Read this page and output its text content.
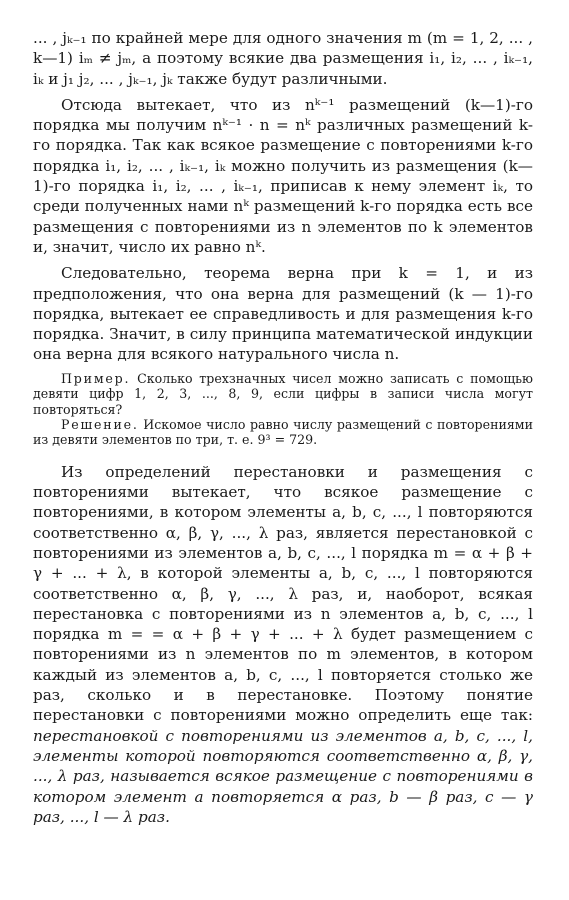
... , jₖ₋₁ по крайней мере для одного значения m (m = 1, 2, ... , k—1) iₘ ≠ jₘ, а поэтому всякие два размещения i₁, i₂, ... , iₖ₋₁, iₖ и j₁ j₂, ... , jₖ₋₁, jₖ также будут различными.

Отсюда вытекает, что из nᵏ⁻¹ размещений (k—1)-го порядка мы получим nᵏ⁻¹ · n = nᵏ различных размещений k-го порядка. Так как всякое размещение с повторениями k-го порядка i₁, i₂, ... , iₖ₋₁, iₖ можно получить из размещения (k—1)-го порядка i₁, i₂, ... , iₖ₋₁, приписав к нему элемент iₖ, то среди полученных нами nᵏ размещений k-го порядка есть все размещения с повторениями из n элементов по k элементов и, значит, число их равно nᵏ.

Следовательно, теорема верна при k = 1, и из предположения, что она верна для размещений (k — 1)-го порядка, вытекает ее справедливость и для размещения k-го порядка. Значит, в силу принципа математической индукции она верна для всякого натурального числа n.

Пример. Сколько трехзначных чисел можно записать с помощью девяти цифр 1, 2, 3, ..., 8, 9, если цифры в записи числа могут повторяться?

Решение. Искомое число равно числу размещений с повторениями из девяти элементов по три, т. е. 9³ = 729.

Из определений перестановки и размещения с повторениями вытекает, что всякое размещение с повторениями, в котором элементы a, b, c, ..., l повторяются соответственно α, β, γ, ..., λ раз, является перестановкой с повторениями из элементов a, b, c, ..., l порядка m = α + β + γ + ... + λ, в которой элементы a, b, c, ..., l повторяются соответственно α, β, γ, ..., λ раз, и, наоборот, всякая перестановка с повторениями из n элементов a, b, c, ..., l порядка m = = α + β + γ + ... + λ будет размещением с повторениями из n элементов по m элементов, в котором каждый из элементов a, b, c, ..., l повторяется столько же раз, сколько и в перестановке. Поэтому понятие перестановки с повторениями можно определить еще так: перестановкой с повторениями из элементов a, b, c, ..., l, элементы которой повторяются соответственно α, β, γ, ..., λ раз, называется всякое размещение с повторениями в котором элемент a повторяется α раз, b — β раз, c — γ раз, ..., l — λ раз.
